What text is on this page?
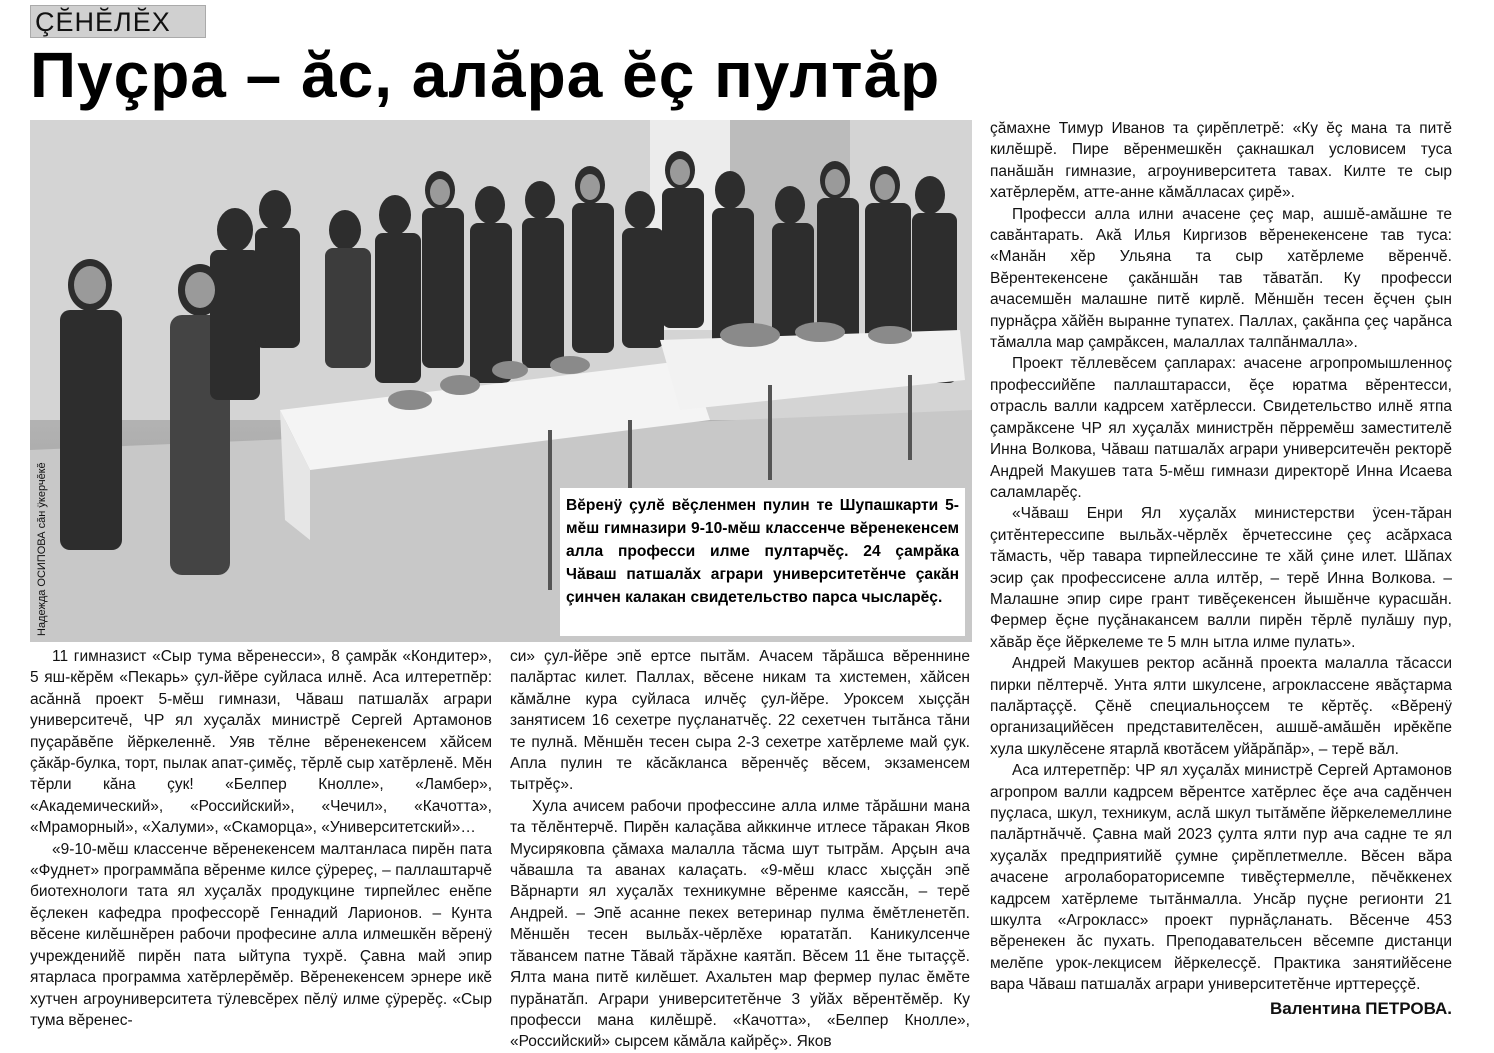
ÇĔНĔЛĔХ
Пуçра – ăс, алăра ĕç пултăр
Надежда ОСИПОВА сăн ÿкерчĕкĕ	Вĕренÿ çулĕ вĕçленмен пулин те Шупашкарти 5-мĕш гимназири 9-10-мĕш классенче вĕренекенсем алла професси илме пултарчĕç. 24 çамрăка Чăваш патшалăх аграри университетĕнче çакăн çинчен калакан свидетельство парса чысларĕç.

11 гимназист «Сыр тума вĕренесси», 8 çамрăк «Кондитер», 5 яш-кĕрĕм «Пекарь» çул-йĕре суйласа илнĕ. Аса илтеретпĕр: асăннă проект 5-мĕш гимнази, Чăваш патшалăх аграри университечĕ, ЧР ял хуçалăх министрĕ Сергей Артамонов пуçарăвĕпе йĕркеленнĕ. Уяв тĕлне вĕренекенсем хăйсем çăкăр-булка, торт, пылак апат-çимĕç, тĕрлĕ сыр хатĕрленĕ. Мĕн тĕрли кăна çук! «Белпер Кнолле», «Ламбер», «Академический», «Российский», «Чечил», «Качотта», «Мраморный», «Халуми», «Скаморца», «Университетский»…

«9-10-мĕш классенче вĕренекенсем малтанласа пирĕн пата «Фуднет» программăпа вĕренме килсе çÿререç, – паллаштарчĕ биотехнологи тата ял хуçалăх продукцине тирпейлес енĕпе ĕçлекен кафедра профессорĕ Геннадий Ларионов. – Кунта вĕсене килĕшнĕрен рабочи професине алла илмешкĕн вĕренÿ учрежденийĕ пирĕн пата ыйтупа тухрĕ. Çавна май эпир ятарласа программа хатĕрлерĕмĕр. Вĕренекенсем эрнере икĕ хутчен агроуниверситета тÿлевсĕрех пĕлÿ илме çÿрерĕç. «Сыр тума вĕренес-

си» çул-йĕре эпĕ ертсе пытăм. Ачасем тăрăшса вĕреннине палăртас килет. Паллах, вĕсене никам та хистемен, хăйсен кăмăлне кура суйласа илчĕç çул-йĕре. Урокcем хыççăн занятисем 16 сехетре пуçланатчĕç. 22 сехетчен тытăнса тăни те пулнă. Мĕншĕн тесен сыра 2-3 сехетре хатĕрлеме май çук. Апла пулин те кăсăкланса вĕренчĕç вĕсем, экзаменсем тытрĕç».

Хула ачисем рабочи професcине алла илме тăрăшни мана та тĕлĕнтерчĕ. Пирĕн калаçăва айккинче итлесе тăракан Яков Мусиряковпа çăмаха малалла тăсма шут тытрăм. Арçын ача чăвашла та аванах калаçать. «9-мĕш класс хыççăн эпĕ Вăрнарти ял хуçалăх техникумне вĕренме каяссăн, – терĕ Андрей. – Эпĕ асанне пекех ветеринар пулма ĕмĕтленетĕп. Мĕншĕн тесен выльăх-чĕрлĕхе юрататăп. Каникулсенче тăвансем патне Тăвай тăрăхне каятăп. Вĕсем 11 ĕне тытаççĕ. Ялта мана питĕ килĕшет. Ахальтен мар фермер пулас ĕмĕте пурăнатăп. Аграри университетĕнче 3 уйăх вĕрентĕмĕр. Ку професси мана килĕшрĕ. «Качотта», «Белпер Кнолле», «Российский» сырсем кăмăла кайрĕç». Яков

çăмахне Тимур Иванов та çирĕплетрĕ: «Ку ĕç мана та питĕ килĕшрĕ. Пире вĕренмешкĕн çакнашкал условисем туса панăшăн гимназие, агроуниверситета тавах. Килте те сыр хатĕрлерĕм, атте-анне кăмăлласах çирĕ».

Професси алла илни ачасене çеç мар, ашшĕ-амăшне те савăнтарать. Акă Илья Киргизов вĕренекенсене тав туса: «Манăн хĕр Ульяна та сыр хатĕрлеме вĕренчĕ. Вĕрентекенсене çакăншăн тав тăватăп. Ку професси ачасемшĕн малашне питĕ кирлĕ. Мĕншĕн тесен ĕçчен çын пурнăçра хăйĕн выранне тупатех. Паллах, çакăнпа çеç чарăнса тăмалла мар çамрăксен, малаллах талпăнмалла».

Проект тĕллевĕсем çапларах: ачасене агропромышленноç професcийĕпе паллаштарасси, ĕçе юратма вĕрентесси, отрасль валли кадрсем хатĕрлесси. Свидетельство илнĕ ятпа çамрăксене ЧР ял хуçалăх министрĕн пĕрремĕш заместителĕ Инна Волкова, Чăваш патшалăх аграри университечĕн ректорĕ Андрей Макушев тата 5-мĕш гимнази директорĕ Инна Исаева саламларĕç.

«Чăваш Енри Ял хуçалăх министерстви ÿсен-тăран çитĕнтересcипе выльăх-чĕрлĕх ĕрчетессине çеç асăрхаса тăмасть, чĕр тавара тирпейлессине те хăй çине илет. Шăпах эсир çак профессисене алла илтĕр, – терĕ Инна Волкова. – Малашне эпир сире грант тивĕçекенсен йышĕнче курасшăн. Фермер ĕçне пуçăнакансем валли пирĕн тĕрлĕ пулăшу пур, хăвăр ĕçе йĕркелеме те 5 млн ытла илме пулать».

Андрей Макушев ректор асăннă проекта малалла тăсасси пирки пĕлтерчĕ. Унта ялти шкулсене, агроклассене явăçтарма палăртаççĕ. Çĕнĕ специальноçсем те кĕртĕç. «Вĕренÿ организацийĕсен представителĕсен, ашшĕ-амăшĕн ирĕкĕпе хула шкулĕсене ятарлă квотăсем уйăрăпăр», – терĕ вăл.

Аса илтеретпĕр: ЧР ял хуçалăх министрĕ Сергей Артамонов агропром валли кадрсем вĕрентсе хатĕрлес ĕçе ача садĕнчен пуçласа, шкул, техникум, аслă шкул тытăмĕпе йĕркелемеллине палăртнăччĕ. Çавна май 2023 çулта ялти пур ача садне те ял хуçалăх предприятийĕ çумне çирĕплетмелле. Вĕсен вăра ачасене агролабораторисемпе тивĕçтермелле, пĕчĕккенех кадрсем хатĕрлеме тытăнмалла. Унсăр пуçне регионти 21 шкулта «Агрокласс» проект пурнăçланать. Вĕсенче 453 вĕренекен ăс пухать. Преподавательсен вĕсемпе дистанци мелĕпе урок-лекцисем йĕркелесçĕ. Практика занятийĕсене вара Чăваш патшалăх аграри университетĕнче ирттереççĕ.

Валентина ПЕТРОВА.
